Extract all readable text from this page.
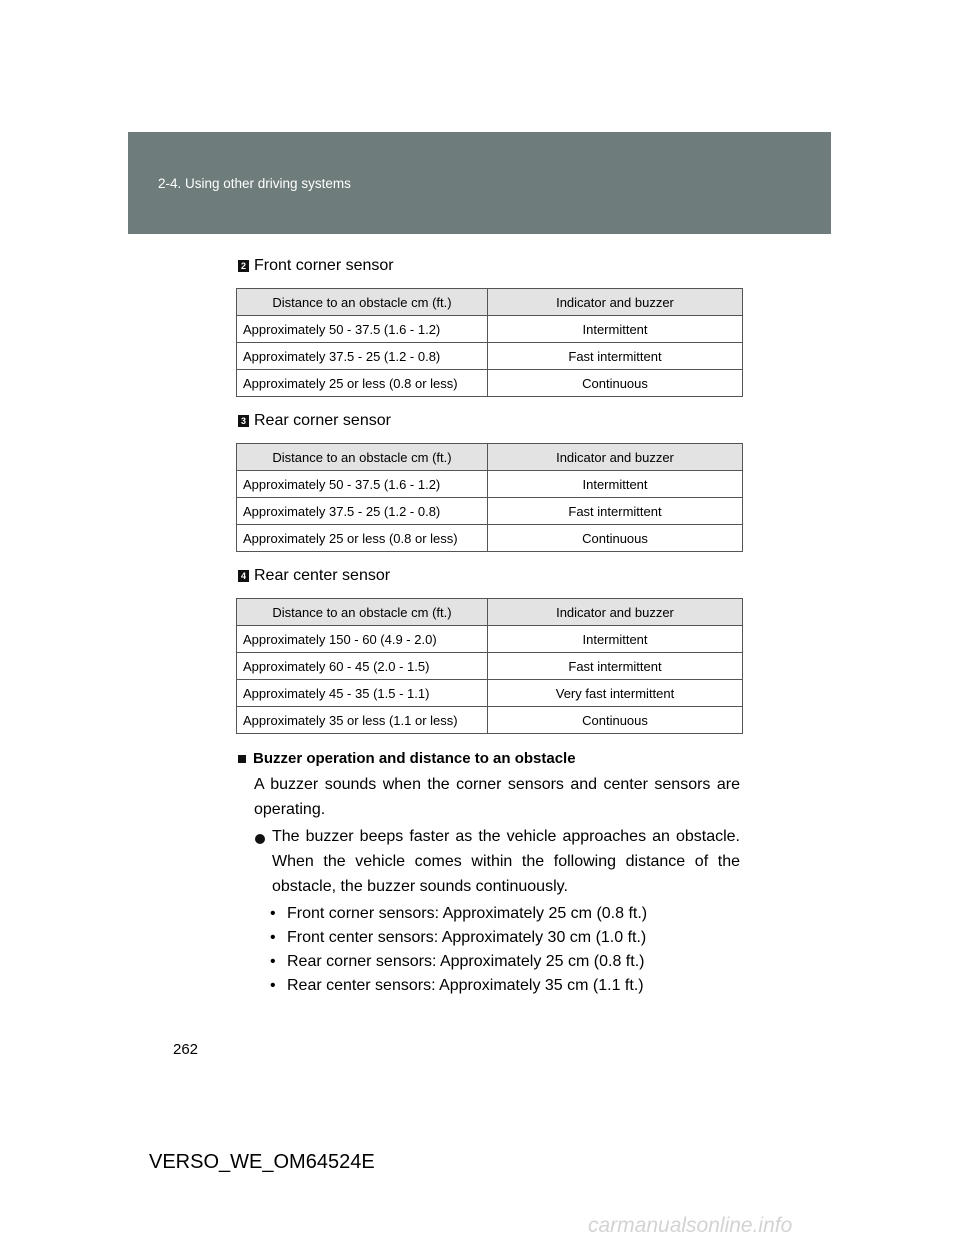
2-4. Using other driving systems
2 Front corner sensor
Distance to an obstacle cm (ft.)	Indicator and buzzer
Approximately 50 - 37.5 (1.6 - 1.2)	Intermittent
Approximately 37.5 - 25 (1.2 - 0.8)	Fast intermittent
Approximately 25 or less (0.8 or less)	Continuous
3 Rear corner sensor
Distance to an obstacle cm (ft.)	Indicator and buzzer
Approximately 50 - 37.5 (1.6 - 1.2)	Intermittent
Approximately 37.5 - 25 (1.2 - 0.8)	Fast intermittent
Approximately 25 or less (0.8 or less)	Continuous
4 Rear center sensor
Distance to an obstacle cm (ft.)	Indicator and buzzer
Approximately 150 - 60 (4.9 - 2.0)	Intermittent
Approximately 60 - 45 (2.0 - 1.5)	Fast intermittent
Approximately 45 - 35 (1.5 - 1.1)	Very fast intermittent
Approximately 35 or less (1.1 or less)	Continuous
Buzzer operation and distance to an obstacle
A buzzer sounds when the corner sensors and center sensors are operating.
The buzzer beeps faster as the vehicle approaches an obstacle. When the vehicle comes within the following distance of the obstacle, the buzzer sounds continuously.
• Front corner sensors: Approximately 25 cm (0.8 ft.)
• Front center sensors: Approximately 30 cm (1.0 ft.)
• Rear corner sensors: Approximately 25 cm (0.8 ft.)
• Rear center sensors: Approximately 35 cm (1.1 ft.)
262
VERSO_WE_OM64524E
carmanualsonline.info
